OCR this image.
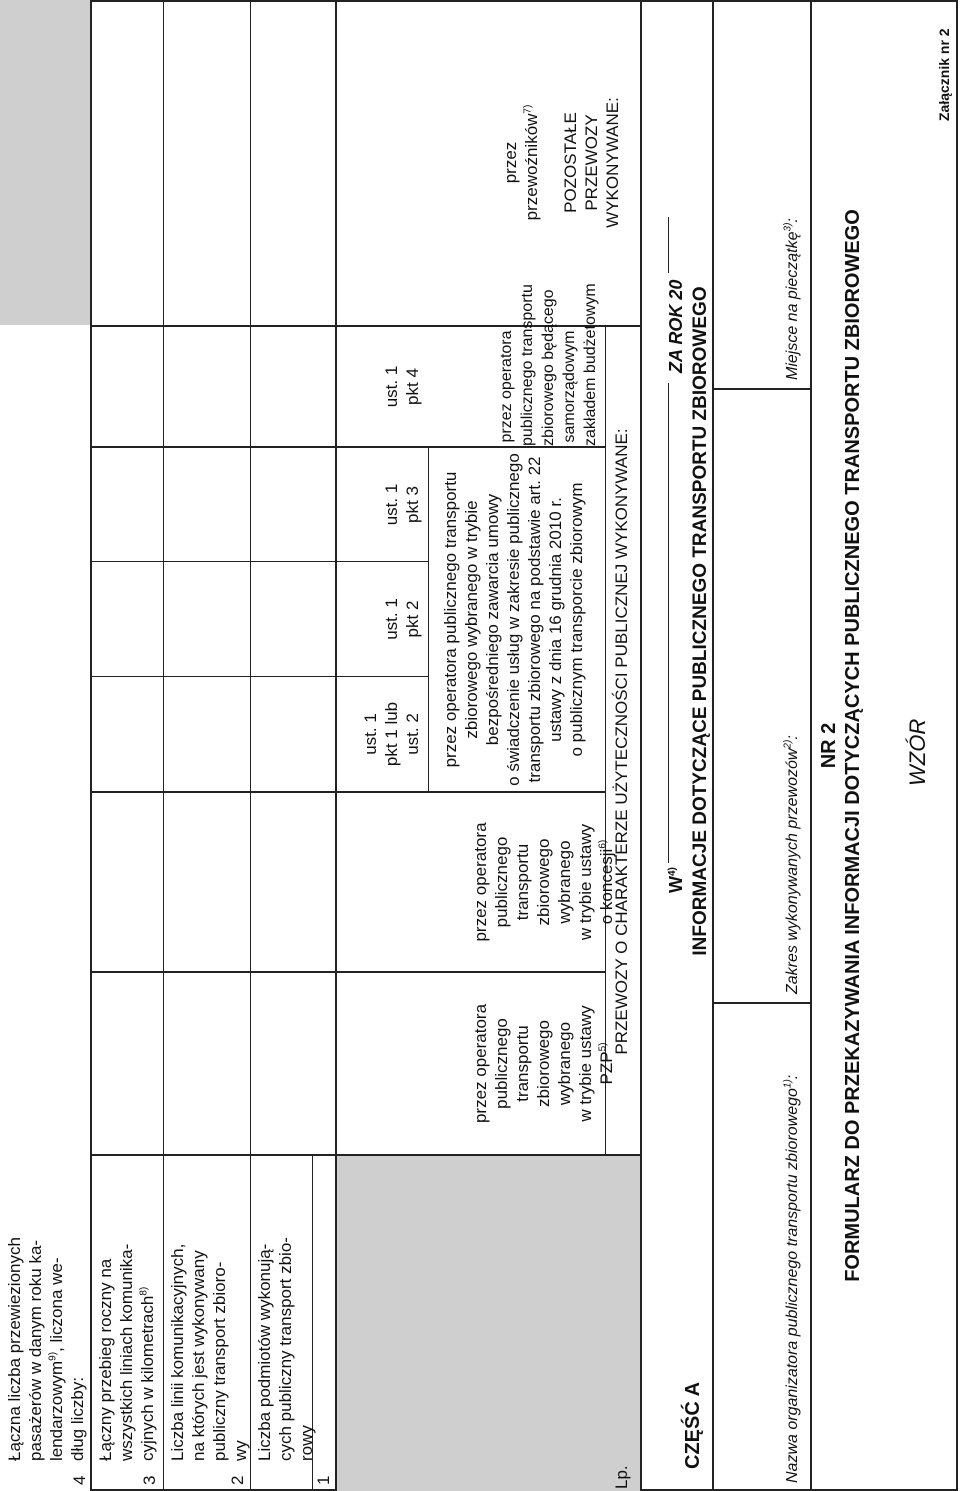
Załącznik nr 2
WZÓR
FORMULARZ DO PRZEKAZYWANIA INFORMACJI DOTYCZĄCYCH PUBLICZNEGO TRANSPORTU ZBIOROWEGO
NR 2
Nazwa organizatora publicznego transportu zbiorowego$^{1)}$:
Zakres wykonywanych przewozów$^{2)}$:
Miejsce na pieczątkę$^{3)}$:
CZĘŚĆ A
INFORMACJE DOTYCZĄCE PUBLICZNEGO TRANSPORTU ZBIOROWEGO
$W^{4)}$
ZA ROK 20
Lp.
PRZEWOZY O CHARAKTERZE UŻYTECZNOŚCI PUBLICZNEJ WYKONYWANE:
POZOSTAŁE PRZEWOZY WYKONYWANE:
przez operatora publicznego transportu zbiorowego wybranego w trybie ustawy PZP$^{5)}$
przez operatora publicznego transportu zbiorowego wybranego w trybie ustawy o koncesji$^{6)}$
przez operatora publicznego transportu zbiorowego wybranego w trybie bezpośredniego zawarcia umowy o świadczenie usług w zakresie publicznego transportu zbiorowego na podstawie art. 22 ustawy z dnia 16 grudnia 2010 r. o publicznym transporcie zbiorowym
przez operatora publicznego transportu zbiorowego będącego samorządowym zakładem budżetowym
przez przewoźników$^{7)}$
ust. 1 pkt 1 lub ust. 2
ust. 1 pkt 2
ust. 1 pkt 3
ust. 1 pkt 4
1
Liczba podmiotów wykonują- cych publiczny transport zbio- rowy
2
Liczba linii komunikacyjnych, na których jest wykonywany publiczny transport zbioro- wy
3
Łączny przebieg roczny na wszystkich liniach komunika- cyjnych w kilometrach$^{8)}$
4
Łączna liczba przewiezionych pasażerów w danym roku ka- lendarzowym$^{9)}$, liczona we-
dług liczby:
